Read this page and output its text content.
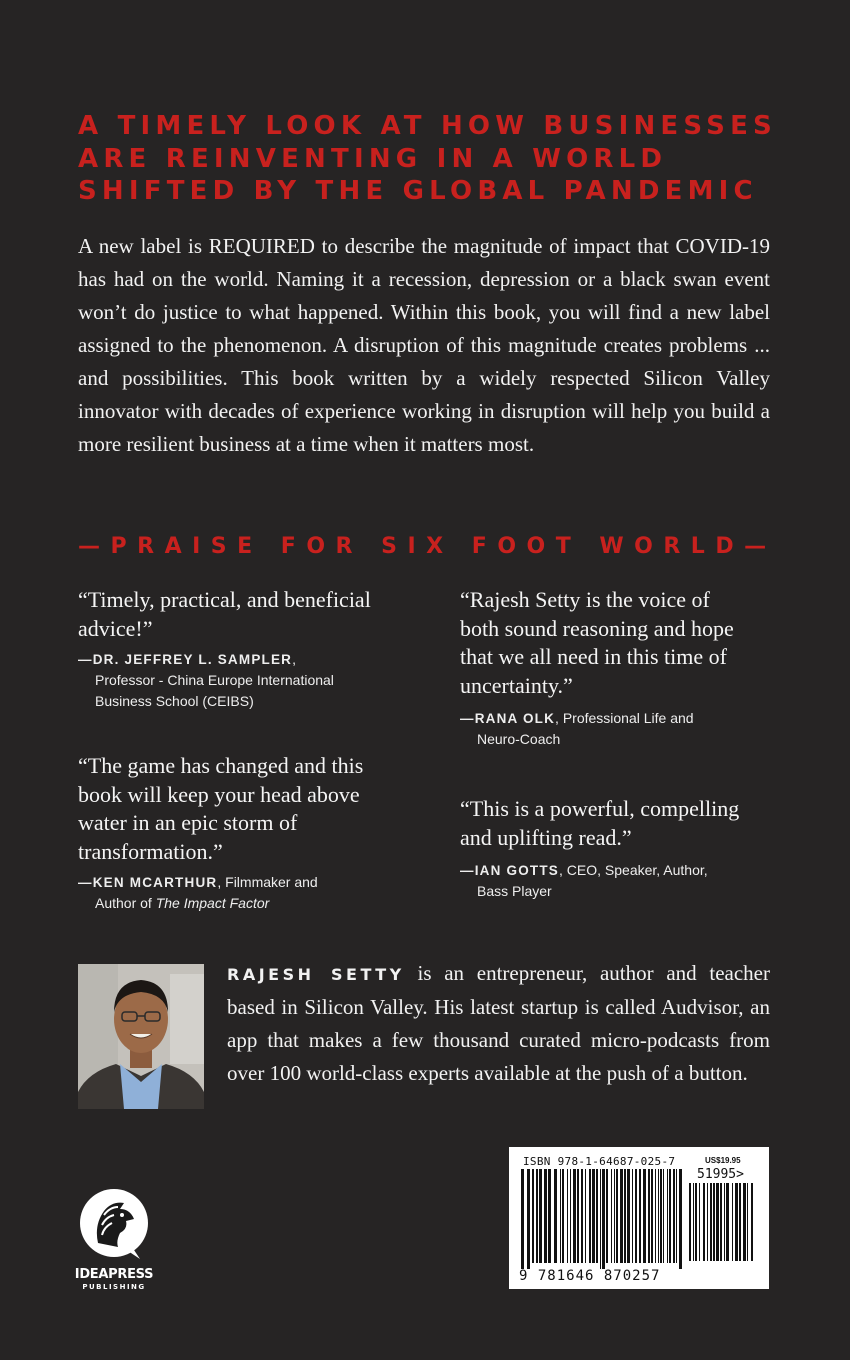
A TIMELY LOOK AT HOW BUSINESSES
ARE REINVENTING IN A WORLD
SHIFTED BY THE GLOBAL PANDEMIC

A new label is REQUIRED to describe the magnitude of impact that COVID-19 has had on the world. Naming it a recession, depression or a black swan event won’t do justice to what happened. Within this book, you will find a new label assigned to the phenomenon. A disruption of this magnitude creates problems ... and possibilities. This book written by a widely respected Silicon Valley innovator with decades of experience working in disruption will help you build a more resilient business at a time when it matters most.

—PRAISE FOR SIX FOOT WORLD—

“Timely, practical, and beneficial advice!”

—DR. JEFFREY L. SAMPLER,
Professor - China Europe International Business School (CEIBS)

“The game has changed and this book will keep your head above water in an epic storm of transformation.”

—KEN MCARTHUR, Filmmaker and
Author of The Impact Factor

“Rajesh Setty is the voice of both sound reasoning and hope that we all need in this time of uncertainty.”

—RANA OLK, Professional Life and
Neuro-Coach

“This is a powerful, compelling and uplifting read.”

—IAN GOTTS, CEO, Speaker, Author,
Bass Player

RAJESH SETTY is an entrepreneur, author and teacher based in Silicon Valley. His latest startup is called Audvisor, an app that makes a few thousand curated micro-podcasts from over 100 world-class experts available at the push of a button.

IDEAPRESS
PUBLISHING
ISBN 978-1-64687-025-7	US$19.95
51995>
9 781646 870257
